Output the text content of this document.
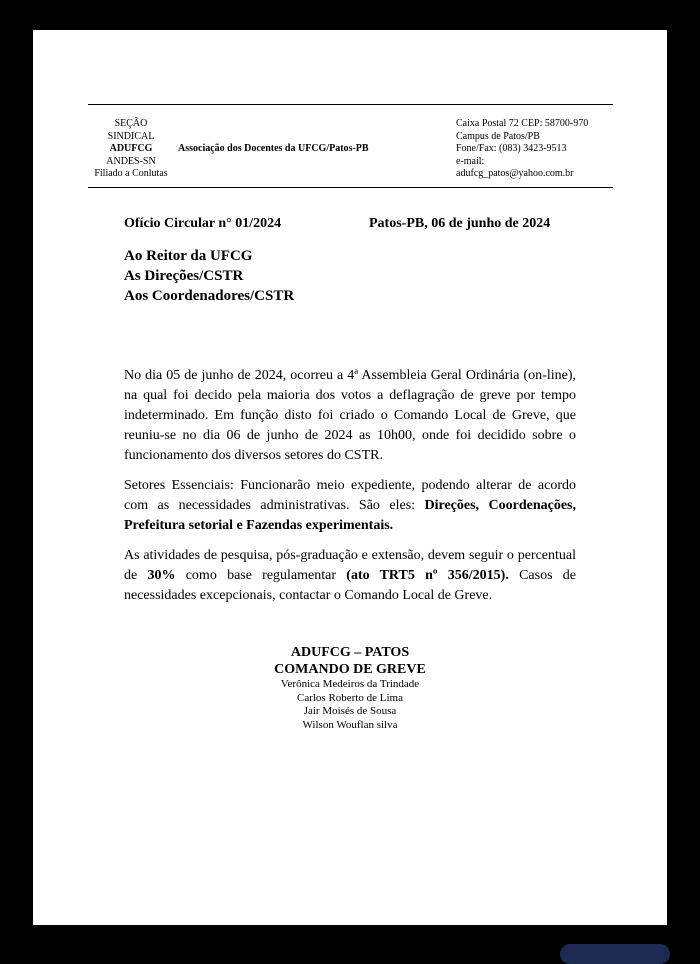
SEÇÃO
SINDICAL
ADUFCG
ANDES-SN
Filiado a Conlutas
Associação dos Docentes da UFCG/Patos-PB
Caixa Postal 72 CEP: 58700-970
Campus de Patos/PB
Fone/Fax: (083) 3423-9513
e-mail:
adufcg_patos@yahoo.com.br
Ofício Circular n° 01/2024	Patos-PB, 06 de junho de 2024
Ao Reitor da UFCG
As Direções/CSTR
Aos Coordenadores/CSTR

No dia 05 de junho de 2024, ocorreu a 4ª Assembleia Geral Ordinária (on-line), na qual foi decido pela maioria dos votos a deflagração de greve por tempo indeterminado. Em função disto foi criado o Comando Local de Greve, que reuniu-se no dia 06 de junho de 2024 as 10h00, onde foi decidido sobre o funcionamento dos diversos setores do CSTR.

Setores Essenciais: Funcionarão meio expediente, podendo alterar de acordo com as necessidades administrativas. São eles: Direções, Coordenações, Prefeitura setorial e Fazendas experimentais.

As atividades de pesquisa, pós-graduação e extensão, devem seguir o percentual de 30% como base regulamentar (ato TRT5 nº 356/2015). Casos de necessidades excepcionais, contactar o Comando Local de Greve.

ADUFCG – PATOS
COMANDO DE GREVE
Verônica Medeiros da Trindade
Carlos Roberto de Lima
Jair Moisés de Sousa
Wilson Wouflan silva
